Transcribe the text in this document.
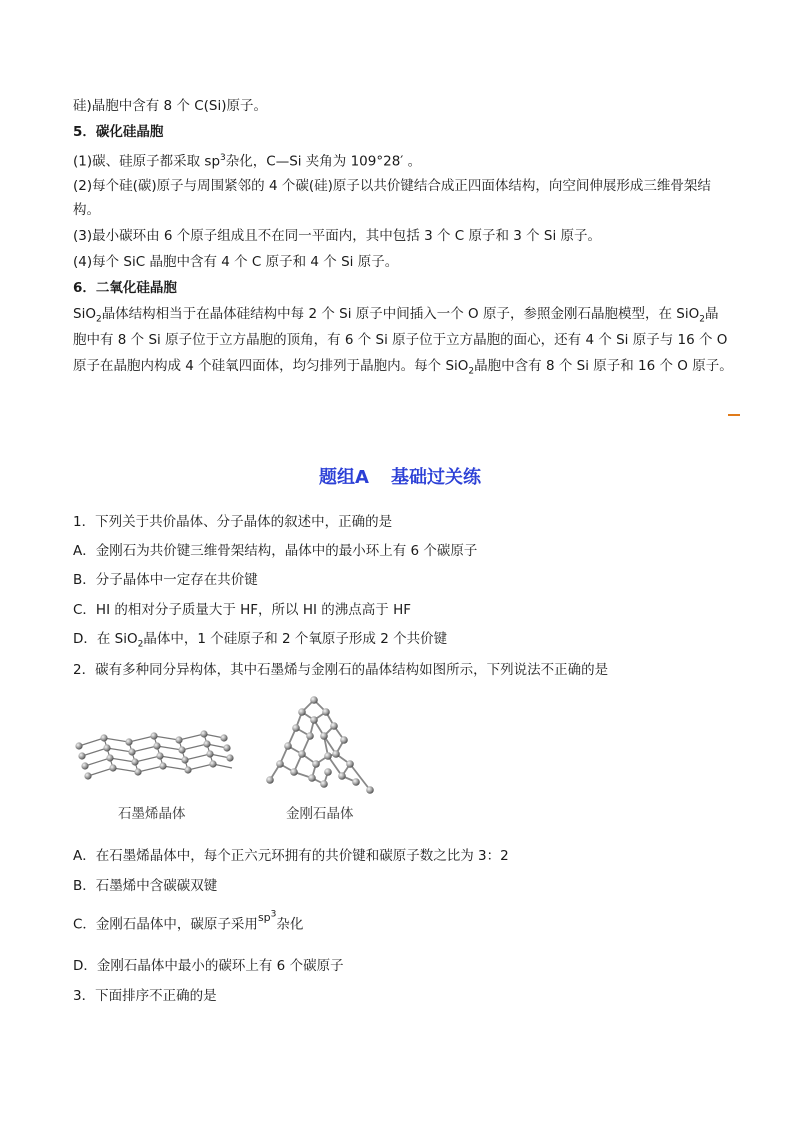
硅)晶胞中含有 8 个 C(Si)原子。
5．碳化硅晶胞
(1)碳、硅原子都采取 $sp^3$杂化，C—Si 夹角为 109°28′ 。
(2)每个硅(碳)原子与周围紧邻的 4 个碳(硅)原子以共价键结合成正四面体结构，向空间伸展形成三维骨架结
构。
(3)最小碳环由 6 个原子组成且不在同一平面内，其中包括 3 个 C 原子和 3 个 Si 原子。
(4)每个 SiC 晶胞中含有 4 个 C 原子和 4 个 Si 原子。
6．二氧化硅晶胞
SiO$_2$晶体结构相当于在晶体硅结构中每 2 个 Si 原子中间插入一个 O 原子，参照金刚石晶胞模型，在 SiO$_2$晶
胞中有 8 个 Si 原子位于立方晶胞的顶角，有 6 个 Si 原子位于立方晶胞的面心，还有 4 个 Si 原子与 16 个 O
原子在晶胞内构成 4 个硅氧四面体，均匀排列于晶胞内。每个 SiO$_2$晶胞中含有 8 个 Si 原子和 16 个 O 原子。
题组A 基础过关练
1．下列关于共价晶体、分子晶体的叙述中，正确的是
A．金刚石为共价键三维骨架结构，晶体中的最小环上有 6 个碳原子
B．分子晶体中一定存在共价键
C．HI 的相对分子质量大于 HF，所以 HI 的沸点高于 HF
D．在 SiO$_2$晶体中，1 个硅原子和 2 个氧原子形成 2 个共价键
2．碳有多种同分异构体，其中石墨烯与金刚石的晶体结构如图所示，下列说法不正确的是
石墨烯晶体	金刚石晶体
A．在石墨烯晶体中，每个正六元环拥有的共价键和碳原子数之比为 3：2
B．石墨烯中含碳碳双键
C．金刚石晶体中，碳原子采用$^{sp^3}$杂化
D．金刚石晶体中最小的碳环上有 6 个碳原子
3．下面排序不正确的是
